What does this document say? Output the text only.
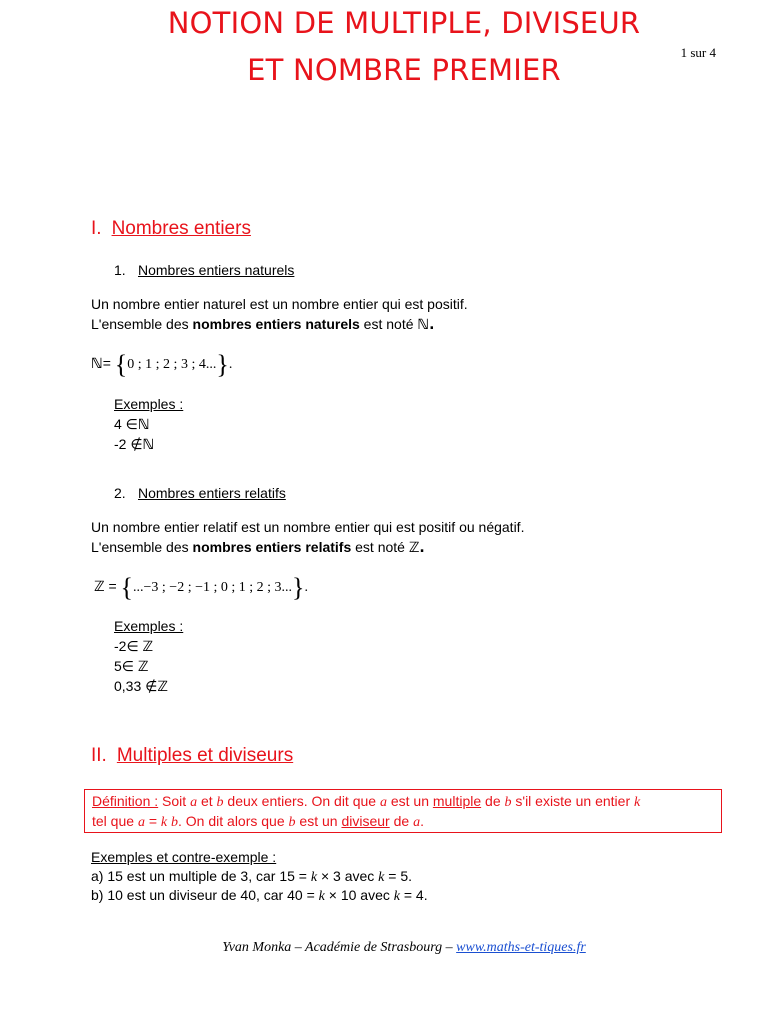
1 sur 4
NOTION DE MULTIPLE, DIVISEUR
ET NOMBRE PREMIER
I. Nombres entiers
1. Nombres entiers naturels
Un nombre entier naturel est un nombre entier qui est positif.
L'ensemble des nombres entiers naturels est noté ℕ.
ℕ= {0 ; 1 ; 2 ; 3 ; 4...}.
Exemples :
4 ∈ℕ
-2 ∉ℕ
2. Nombres entiers relatifs
Un nombre entier relatif est un nombre entier qui est positif ou négatif.
L'ensemble des nombres entiers relatifs est noté ℤ.
ℤ = {...−3 ; −2 ; −1 ; 0 ; 1 ; 2 ; 3...}.
Exemples :
-2∈ ℤ
5∈ ℤ
0,33 ∉ℤ
II. Multiples et diviseurs
Définition : Soit a et b deux entiers. On dit que a est un multiple de b s'il existe un entier k
tel que a = k b. On dit alors que b est un diviseur de a.
Exemples et contre-exemple :
a) 15 est un multiple de 3, car 15 = k × 3 avec k = 5.
b) 10 est un diviseur de 40, car 40 = k × 10 avec k = 4.
Yvan Monka – Académie de Strasbourg – www.maths-et-tiques.fr
